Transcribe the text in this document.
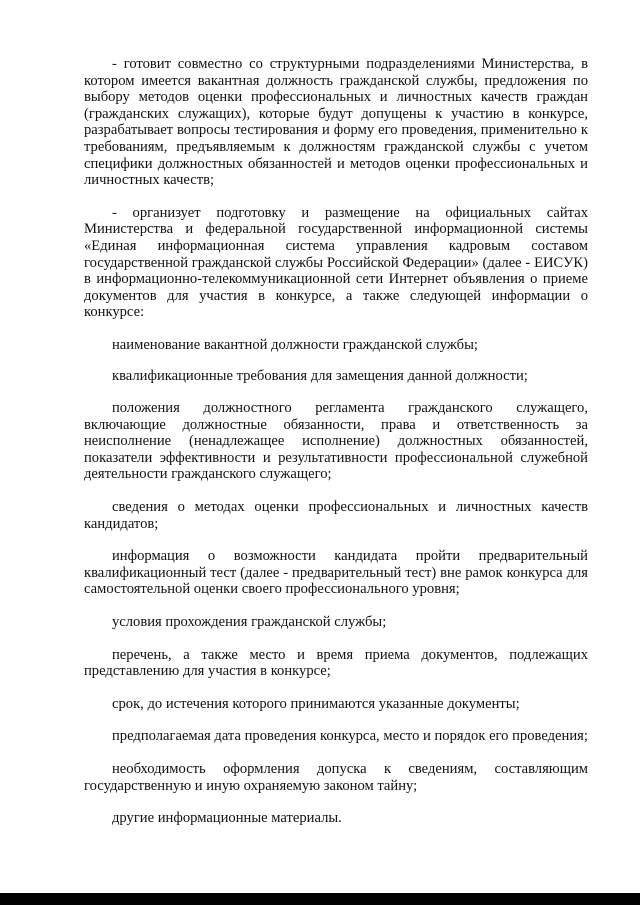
- готовит совместно со структурными подразделениями Министерства, в котором имеется вакантная должность гражданской службы, предложения по выбору методов оценки профессиональных и личностных качеств граждан (гражданских служащих), которые будут допущены к участию в конкурсе, разрабатывает вопросы тестирования и форму его проведения, применительно к требованиям, предъявляемым к должностям гражданской службы с учетом специфики должностных обязанностей и методов оценки профессиональных и личностных качеств;

- организует подготовку и размещение на официальных сайтах Министерства и федеральной государственной информационной системы «Единая информационная система управления кадровым составом государственной гражданской службы Российской Федерации» (далее - ЕИСУК) в информационно-телекоммуникационной сети Интернет объявления о приеме документов для участия в конкурсе, а также следующей информации о конкурсе:

наименование вакантной должности гражданской службы;

квалификационные требования для замещения данной должности;

положения должностного регламента гражданского служащего, включающие должностные обязанности, права и ответственность за неисполнение (ненадлежащее исполнение) должностных обязанностей, показатели эффективности и результативности профессиональной служебной деятельности гражданского служащего;

сведения о методах оценки профессиональных и личностных качеств кандидатов;

информация о возможности кандидата пройти предварительный квалификационный тест (далее - предварительный тест) вне рамок конкурса для самостоятельной оценки своего профессионального уровня;

условия прохождения гражданской службы;

перечень, а также место и время приема документов, подлежащих представлению для участия в конкурсе;

срок, до истечения которого принимаются указанные документы;

предполагаемая дата проведения конкурса, место и порядок его проведения;

необходимость оформления допуска к сведениям, составляющим государственную и иную охраняемую законом тайну;

другие информационные материалы.
